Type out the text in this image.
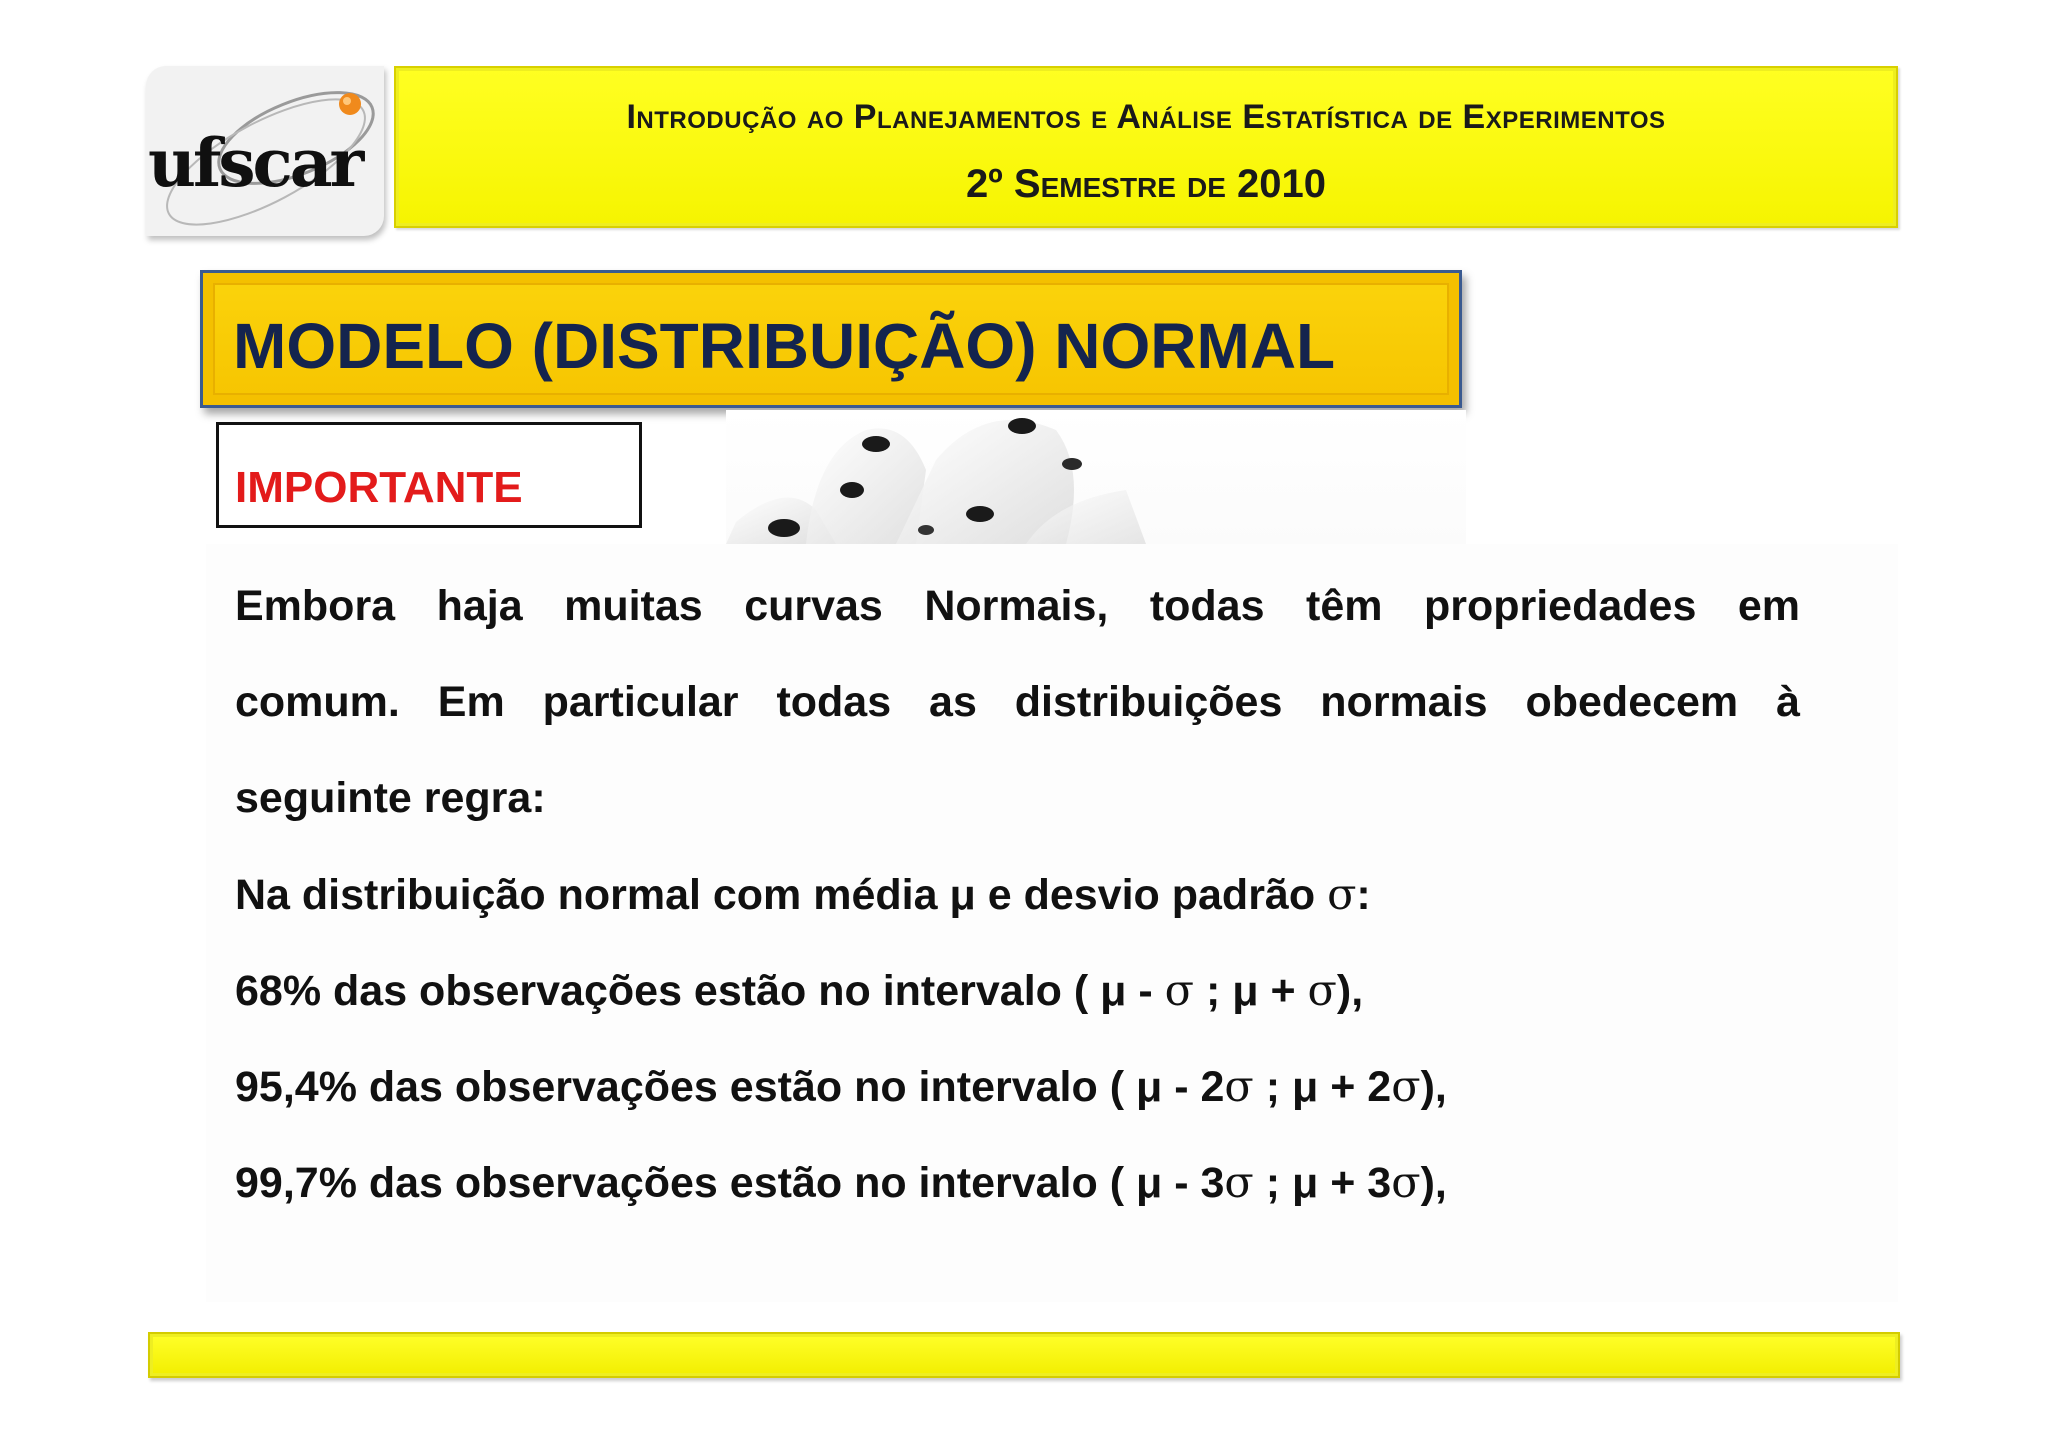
ufscar
Introdução ao Planejamentos e Análise Estatística de Experimentos
2º Semestre de 2010
MODELO (DISTRIBUIÇÃO) NORMAL
IMPORTANTE
Embora haja muitas curvas Normais, todas têm propriedades em
comum. Em particular todas as distribuições normais obedecem à
seguinte regra:
Na distribuição normal com média μ e desvio padrão σ:
68% das observações estão no intervalo ( μ - σ ; μ + σ),
95,4% das observações estão no intervalo ( μ - 2σ ; μ + 2σ),
99,7% das observações estão no intervalo ( μ - 3σ ; μ + 3σ),
